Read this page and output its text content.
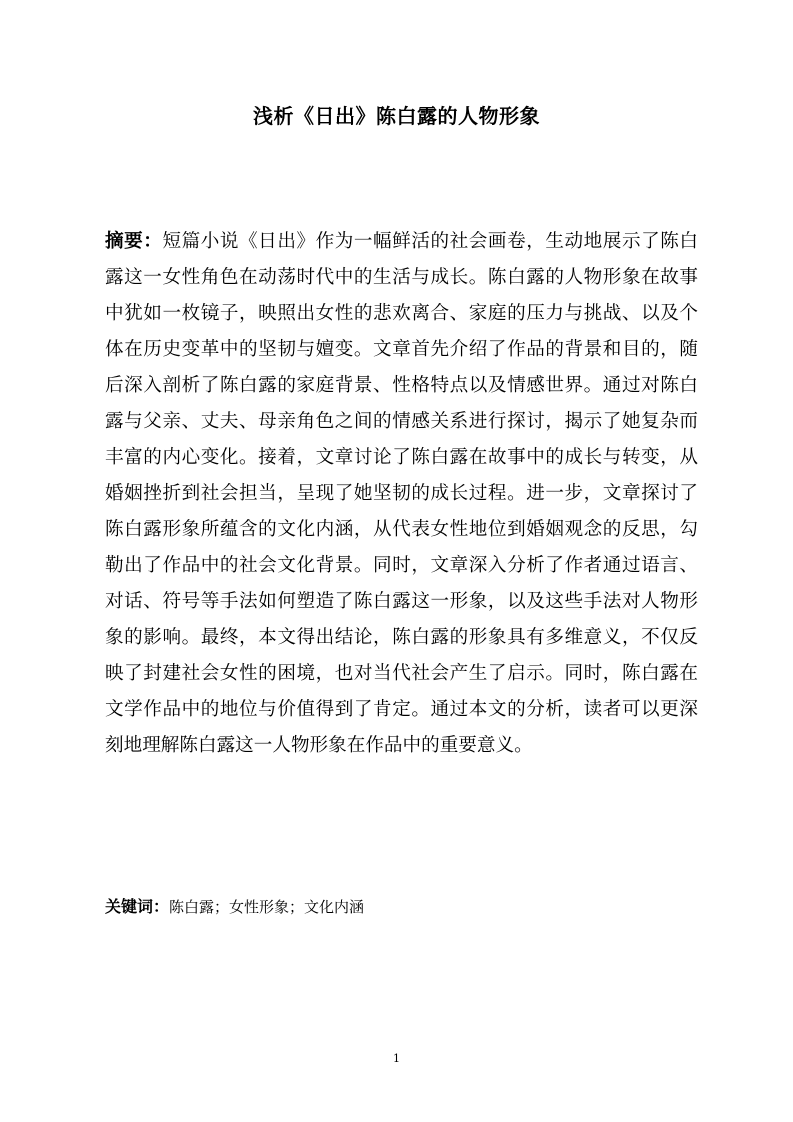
浅析《日出》陈白露的人物形象

摘要：短篇小说《日出》作为一幅鲜活的社会画卷，生动地展示了陈白露这一女性角色在动荡时代中的生活与成长。陈白露的人物形象在故事中犹如一枚镜子，映照出女性的悲欢离合、家庭的压力与挑战、以及个体在历史变革中的坚韧与嬗变。文章首先介绍了作品的背景和目的，随后深入剖析了陈白露的家庭背景、性格特点以及情感世界。通过对陈白露与父亲、丈夫、母亲角色之间的情感关系进行探讨，揭示了她复杂而丰富的内心变化。接着，文章讨论了陈白露在故事中的成长与转变，从婚姻挫折到社会担当，呈现了她坚韧的成长过程。进一步，文章探讨了陈白露形象所蕴含的文化内涵，从代表女性地位到婚姻观念的反思，勾勒出了作品中的社会文化背景。同时，文章深入分析了作者通过语言、对话、符号等手法如何塑造了陈白露这一形象，以及这些手法对人物形象的影响。最终，本文得出结论，陈白露的形象具有多维意义，不仅反映了封建社会女性的困境，也对当代社会产生了启示。同时，陈白露在文学作品中的地位与价值得到了肯定。通过本文的分析，读者可以更深刻地理解陈白露这一人物形象在作品中的重要意义。

关键词：陈白露；女性形象；文化内涵

1
